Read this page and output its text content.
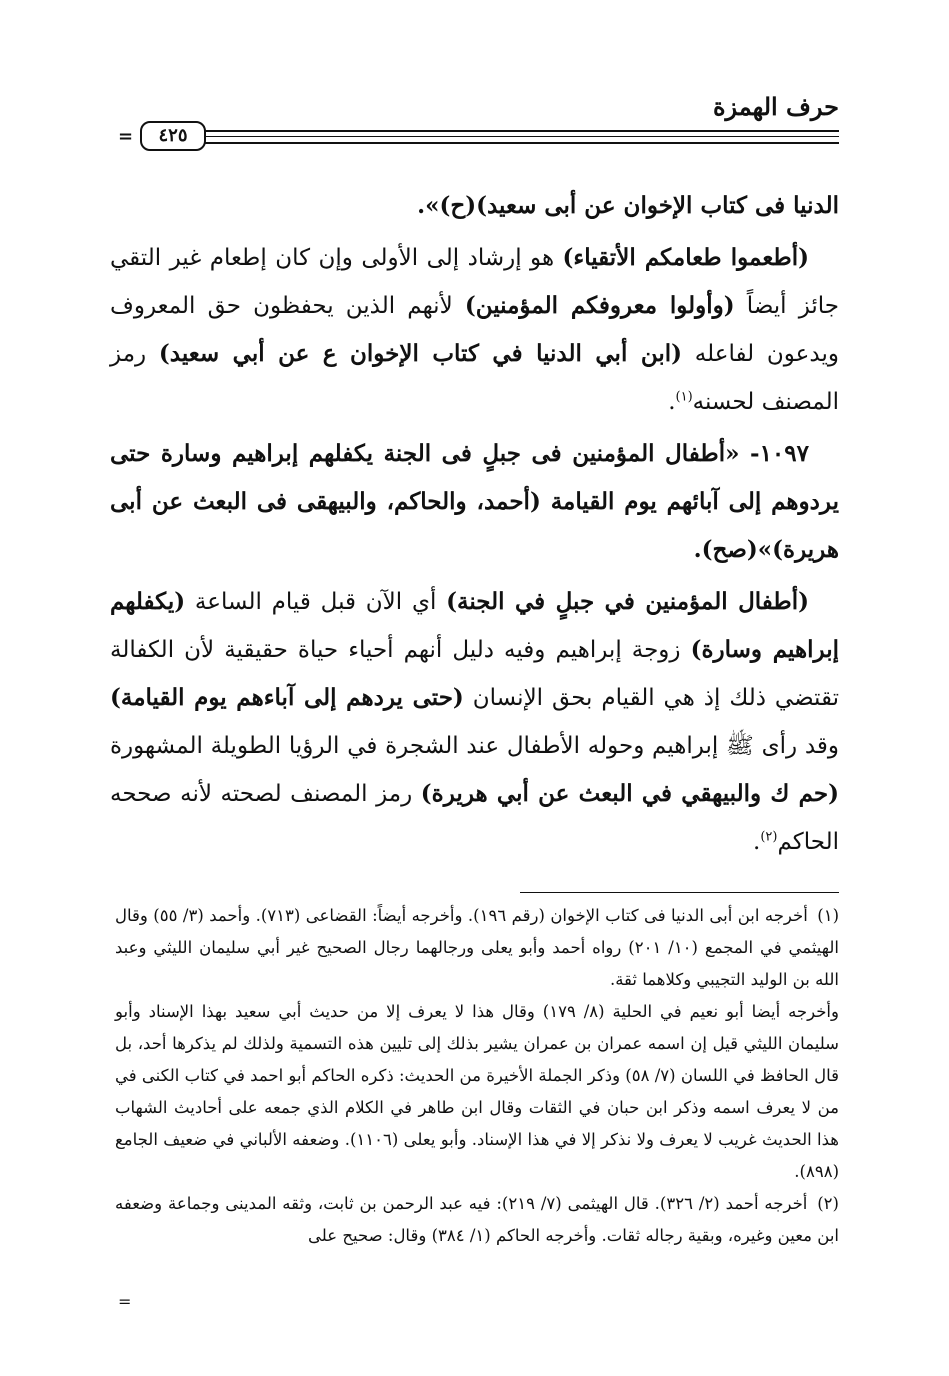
حرف الهمزة
٤٢٥
=

الدنيا فى كتاب الإخوان عن أبى سعيد)(ح)».

(أطعموا طعامكم الأتقياء) هو إرشاد إلى الأولى وإن كان إطعام غير التقي جائز أيضاً (وأولوا معروفكم المؤمنين) لأنهم الذين يحفظون حق المعروف ويدعون لفاعله (ابن أبي الدنيا في كتاب الإخوان ع عن أبي سعيد) رمز المصنف لحسنه$^{(١)}$.

١٠٩٧- «أطفال المؤمنين فى جبلٍ فى الجنة يكفلهم إبراهيم وسارة حتى يردوهم إلى آبائهم يوم القيامة (أحمد، والحاكم، والبيهقى فى البعث عن أبى هريرة)»(صح).

(أطفال المؤمنين في جبلٍ في الجنة) أي الآن قبل قيام الساعة (يكفلهم إبراهيم وسارة) زوجة إبراهيم وفيه دليل أنهم أحياء حياة حقيقية لأن الكفالة تقتضي ذلك إذ هي القيام بحق الإنسان (حتى يردهم إلى آباءهم يوم القيامة) وقد رأى ﷺ إبراهيم وحوله الأطفال عند الشجرة في الرؤيا الطويلة المشهورة (حم ك والبيهقي في البعث عن أبي هريرة) رمز المصنف لصحته لأنه صححه الحاكم$^{(٢)}$.

(١) أخرجه ابن أبى الدنيا فى كتاب الإخوان (رقم ١٩٦). وأخرجه أيضاً: القضاعى (٧١٣). وأحمد (٣/ ٥٥) وقال الهيثمي في المجمع (١٠/ ٢٠١) رواه أحمد وأبو يعلى ورجالهما رجال الصحيح غير أبي سليمان الليثي وعبد الله بن الوليد التجيبي وكلاهما ثقة.

وأخرجه أيضا أبو نعيم في الحلية (٨/ ١٧٩) وقال هذا لا يعرف إلا من حديث أبي سعيد بهذا الإسناد وأبو سليمان الليثي قيل إن اسمه عمران بن عمران يشير بذلك إلى تليين هذه التسمية ولذلك لم يذكرها أحد، بل قال الحافظ في اللسان (٧/ ٥٨) وذكر الجملة الأخيرة من الحديث: ذكره الحاكم أبو احمد في كتاب الكنى في من لا يعرف اسمه وذكر ابن حبان في الثقات وقال ابن طاهر في الكلام الذي جمعه على أحاديث الشهاب هذا الحديث غريب لا يعرف ولا نذكر إلا في هذا الإسناد. وأبو يعلى (١١٠٦). وضعفه الألباني في ضعيف الجامع (٨٩٨).

(٢) أخرجه أحمد (٢/ ٣٢٦). قال الهيثمى (٧/ ٢١٩): فيه عبد الرحمن بن ثابت، وثقه المدينى وجماعة وضعفه ابن معين وغيره، وبقية رجاله ثقات. وأخرجه الحاكم (١/ ٣٨٤) وقال: صحيح على

=
